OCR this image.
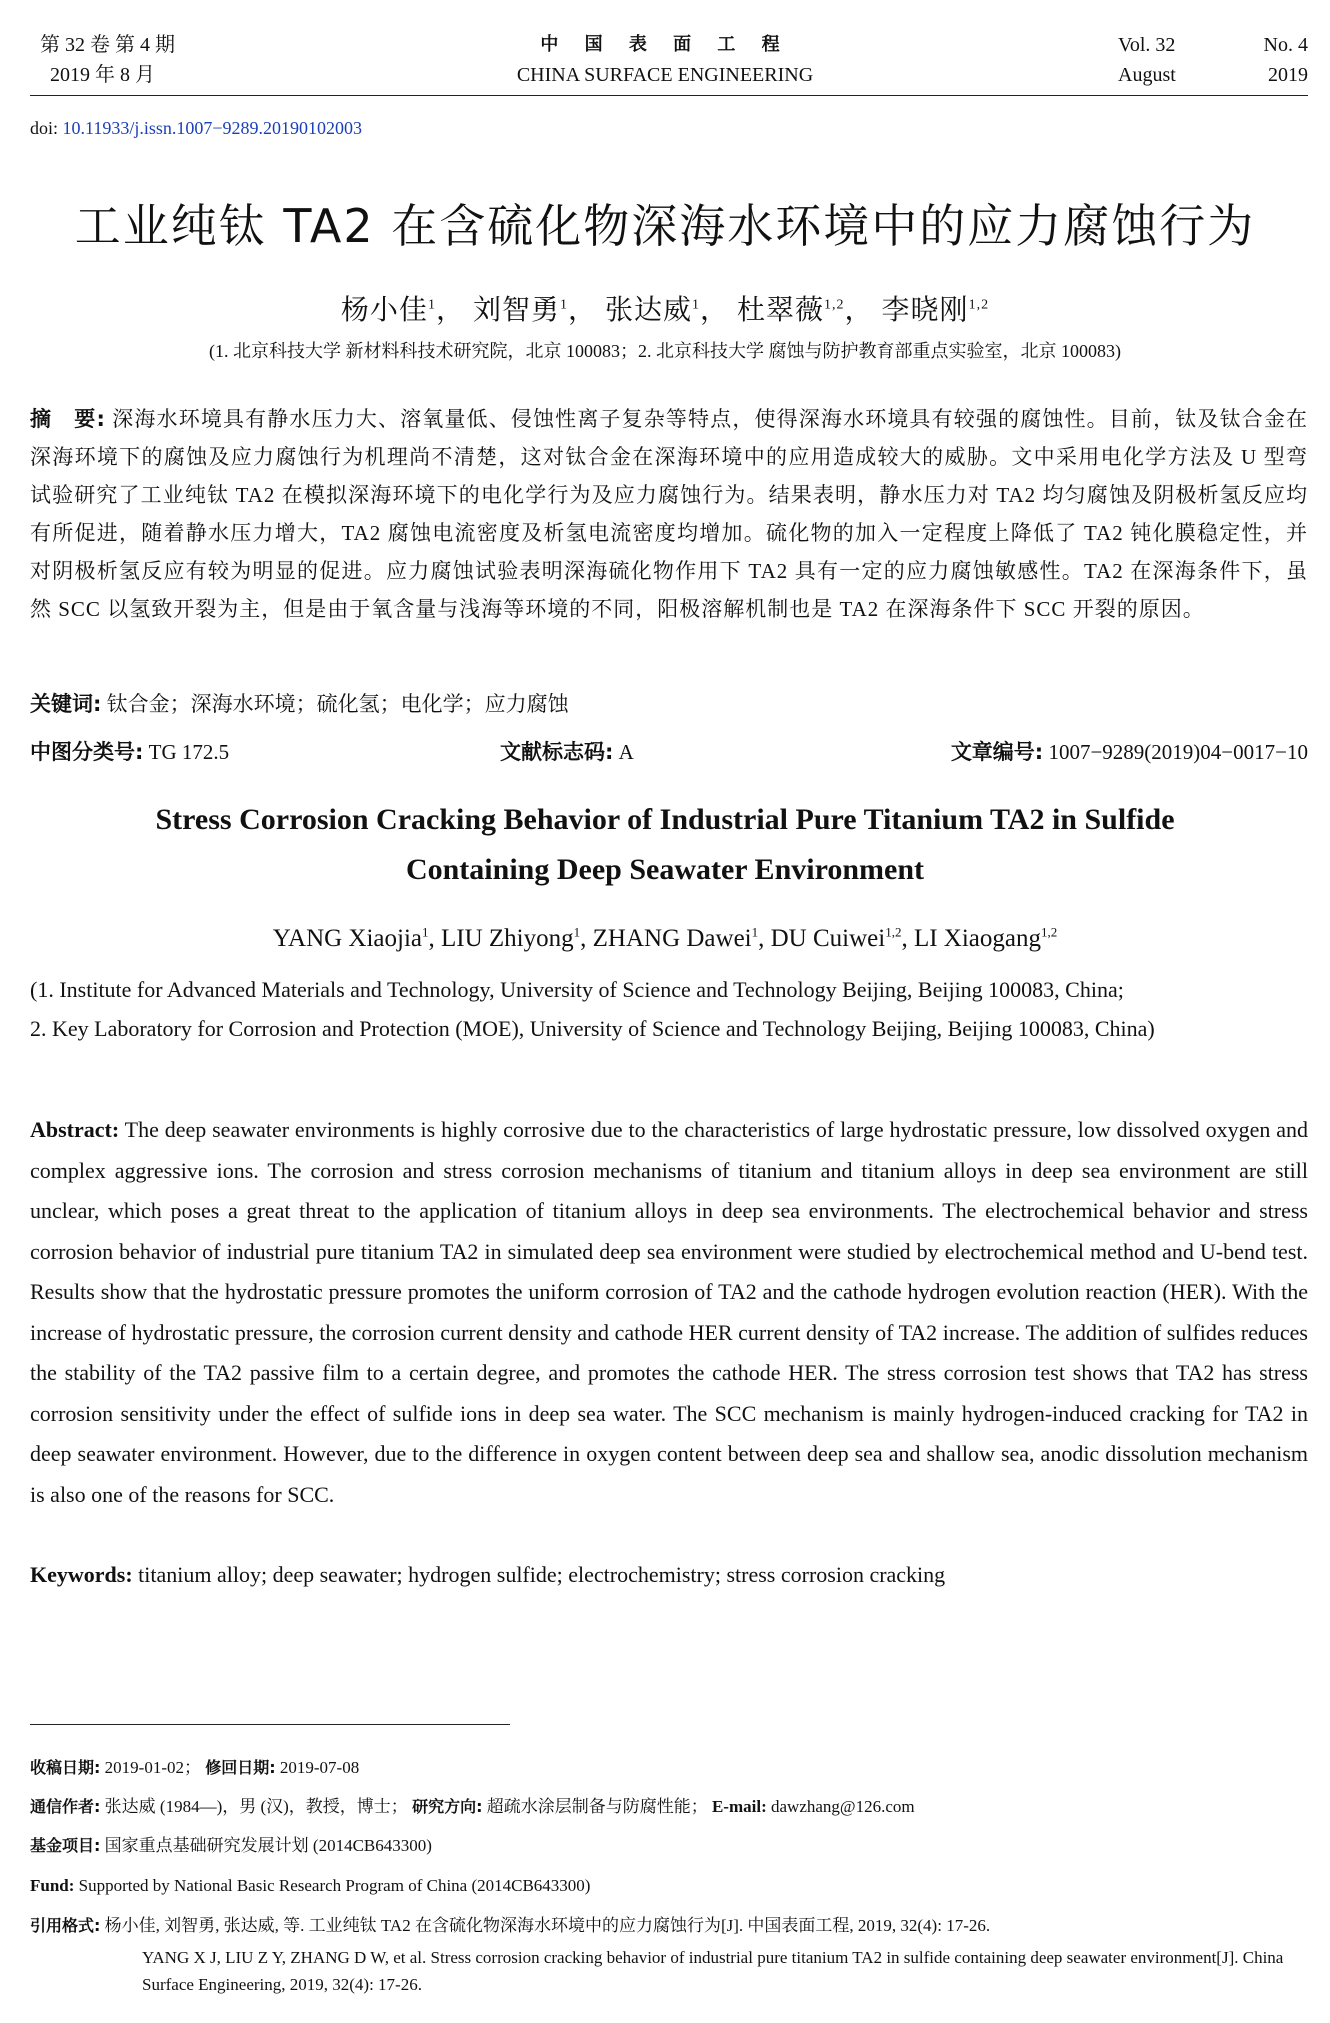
第 32 卷 第 4 期
2019 年 8 月
中 国 表 面 工 程
CHINA SURFACE ENGINEERING
Vol. 32	No. 4
August	2019
doi: 10.11933/j.issn.1007−9289.20190102003
工业纯钛 TA2 在含硫化物深海水环境中的应力腐蚀行为
杨小佳$^1$， 刘智勇$^1$， 张达威$^1$， 杜翠薇$^{1,2}$， 李晓刚$^{1,2}$
(1. 北京科技大学 新材料科技术研究院，北京 100083；2. 北京科技大学 腐蚀与防护教育部重点实验室，北京 100083)
摘　要: 深海水环境具有静水压力大、溶氧量低、侵蚀性离子复杂等特点，使得深海水环境具有较强的腐蚀性。目前，钛及钛合金在深海环境下的腐蚀及应力腐蚀行为机理尚不清楚，这对钛合金在深海环境中的应用造成较大的威胁。文中采用电化学方法及 U 型弯试验研究了工业纯钛 TA2 在模拟深海环境下的电化学行为及应力腐蚀行为。结果表明，静水压力对 TA2 均匀腐蚀及阴极析氢反应均有所促进，随着静水压力增大，TA2 腐蚀电流密度及析氢电流密度均增加。硫化物的加入一定程度上降低了 TA2 钝化膜稳定性，并对阴极析氢反应有较为明显的促进。应力腐蚀试验表明深海硫化物作用下 TA2 具有一定的应力腐蚀敏感性。TA2 在深海条件下，虽然 SCC 以氢致开裂为主，但是由于氧含量与浅海等环境的不同，阳极溶解机制也是 TA2 在深海条件下 SCC 开裂的原因。
关键词: 钛合金；深海水环境；硫化氢；电化学；应力腐蚀
中图分类号: TG 172.5	文献标志码: A	文章编号: 1007−9289(2019)04−0017−10
Stress Corrosion Cracking Behavior of Industrial Pure Titanium TA2 in Sulfide
Containing Deep Seawater Environment
YANG Xiaojia$^1$, LIU Zhiyong$^1$, ZHANG Dawei$^1$, DU Cuiwei$^{1,2}$, LI Xiaogang$^{1,2}$
(1. Institute for Advanced Materials and Technology, University of Science and Technology Beijing, Beijing 100083, China;
2. Key Laboratory for Corrosion and Protection (MOE), University of Science and Technology Beijing, Beijing 100083, China)
Abstract: The deep seawater environments is highly corrosive due to the characteristics of large hydrostatic pressure, low dissolved oxygen and complex aggressive ions. The corrosion and stress corrosion mechanisms of titanium and titanium alloys in deep sea environment are still unclear, which poses a great threat to the application of titanium alloys in deep sea environments. The electrochemical behavior and stress corrosion behavior of industrial pure titanium TA2 in simulated deep sea environment were studied by electrochemical method and U-bend test. Results show that the hydrostatic pressure promotes the uniform corrosion of TA2 and the cathode hydrogen evolution reaction (HER). With the increase of hydrostatic pressure, the corrosion current density and cathode HER current density of TA2 increase. The addition of sulfides reduces the stability of the TA2 passive film to a certain degree, and promotes the cathode HER. The stress corrosion test shows that TA2 has stress corrosion sensitivity under the effect of sulfide ions in deep sea water. The SCC mechanism is mainly hydrogen-induced cracking for TA2 in deep seawater environment. However, due to the difference in oxygen content between deep sea and shallow sea, anodic dissolution mechanism is also one of the reasons for SCC.
Keywords: titanium alloy; deep seawater; hydrogen sulfide; electrochemistry; stress corrosion cracking
收稿日期: 2019-01-02； 修回日期: 2019-07-08
通信作者: 张达威 (1984—)，男 (汉)，教授，博士； 研究方向: 超疏水涂层制备与防腐性能； E-mail: dawzhang@126.com
基金项目: 国家重点基础研究发展计划 (2014CB643300)
Fund: Supported by National Basic Research Program of China (2014CB643300)
引用格式: 杨小佳, 刘智勇, 张达威, 等. 工业纯钛 TA2 在含硫化物深海水环境中的应力腐蚀行为[J]. 中国表面工程, 2019, 32(4): 17-26.
YANG X J, LIU Z Y, ZHANG D W, et al. Stress corrosion cracking behavior of industrial pure titanium TA2 in sulfide containing deep seawater environment[J]. China Surface Engineering, 2019, 32(4): 17-26.
